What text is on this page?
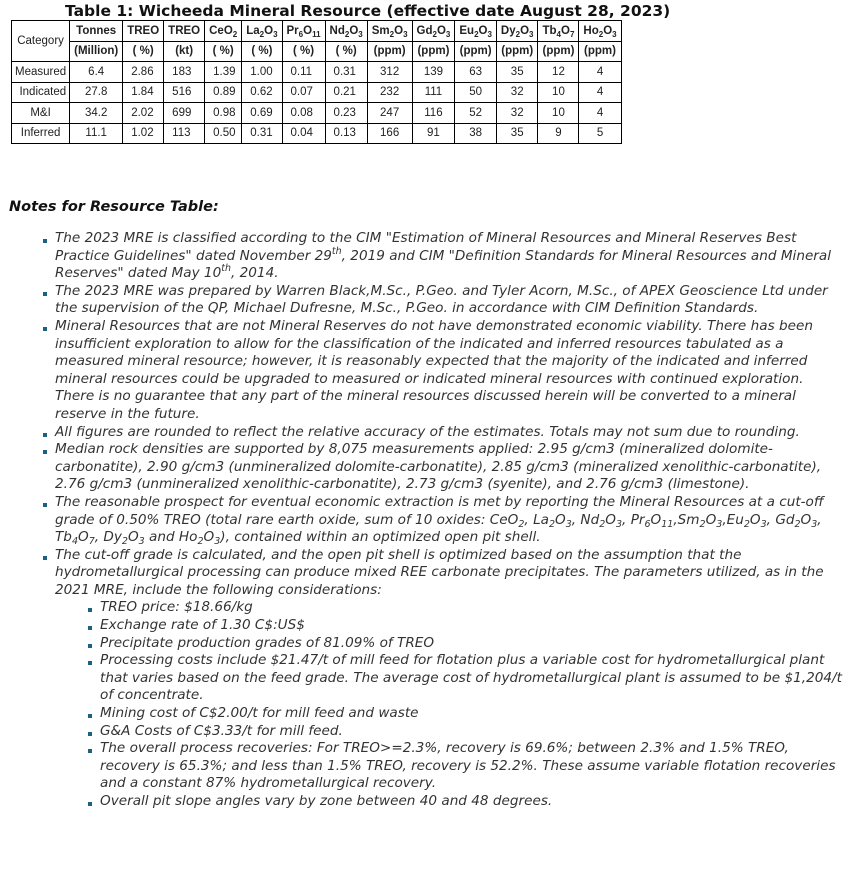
Table 1: Wicheeda Mineral Resource (effective date August 28, 2023)
Category	Tonnes	TREO	TREO	CeO$_2$	$La_2O_3$	$Pr_6O_{11}$	$Nd_2O_3$	$Sm_2O_3$	$Gd_2O_3$	$Eu_2O_3$	$Dy_2O_3$	$Tb_4O_7$	$Ho_2O_3$
	(Million)	( %)	(kt)	( %)	( %)	( %)	( %)	(ppm)	(ppm)	(ppm)	(ppm)	(ppm)	(ppm)
Measured	6.4	2.86	183	1.39	1.00	0.11	0.31	312	139	63	35	12	4
Indicated	27.8	1.84	516	0.89	0.62	0.07	0.21	232	111	50	32	10	4
M&I	34.2	2.02	699	0.98	0.69	0.08	0.23	247	116	52	32	10	4
Inferred	11.1	1.02	113	0.50	0.31	0.04	0.13	166	91	38	35	9	5
Notes for Resource Table:
The 2023 MRE is classified according to the CIM "Estimation of Mineral Resources and Mineral Reserves Best Practice Guidelines" dated November 29th, 2019 and CIM "Definition Standards for Mineral Resources and Mineral Reserves" dated May 10th, 2014.
The 2023 MRE was prepared by Warren Black,M.Sc., P.Geo. and Tyler Acorn, M.Sc., of APEX Geoscience Ltd under the supervision of the QP, Michael Dufresne, M.Sc., P.Geo. in accordance with CIM Definition Standards.
Mineral Resources that are not Mineral Reserves do not have demonstrated economic viability. There has been insufficient exploration to allow for the classification of the indicated and inferred resources tabulated as a measured mineral resource; however, it is reasonably expected that the majority of the indicated and inferred mineral resources could be upgraded to measured or indicated mineral resources with continued exploration. There is no guarantee that any part of the mineral resources discussed herein will be converted to a mineral reserve in the future.
All figures are rounded to reflect the relative accuracy of the estimates. Totals may not sum due to rounding.
Median rock densities are supported by 8,075 measurements applied: 2.95 g/cm3 (mineralized dolomite-carbonatite), 2.90 g/cm3 (unmineralized dolomite-carbonatite), 2.85 g/cm3 (mineralized xenolithic-carbonatite), 2.76 g/cm3 (unmineralized xenolithic-carbonatite), 2.73 g/cm3 (syenite), and 2.76 g/cm3 (limestone).
The reasonable prospect for eventual economic extraction is met by reporting the Mineral Resources at a cut-off grade of 0.50% TREO (total rare earth oxide, sum of 10 oxides: CeO$_2$, $La_2O_3$, $Nd_2O_3$, $Pr_6O_{11},Sm_2O_3,Eu_2O_3$, $Gd_2O_3$, $Tb_4O_7$, $Dy_2O_3$ and $Ho_2O_3$), contained within an optimized open pit shell.
The cut-off grade is calculated, and the open pit shell is optimized based on the assumption that the hydrometallurgical processing can produce mixed REE carbonate precipitates. The parameters utilized, as in the 2021 MRE, include the following considerations:
TREO price: $18.66/kg
Exchange rate of 1.30 C$:US$
Precipitate production grades of 81.09% of TREO
Processing costs include $21.47/t of mill feed for flotation plus a variable cost for hydrometallurgical plant that varies based on the feed grade. The average cost of hydrometallurgical plant is assumed to be $1,204/t of concentrate.
Mining cost of C$2.00/t for mill feed and waste
G&A Costs of C$3.33/t for mill feed.
The overall process recoveries: For TREO>=2.3%, recovery is 69.6%; between 2.3% and 1.5% TREO, recovery is 65.3%; and less than 1.5% TREO, recovery is 52.2%. These assume variable flotation recoveries and a constant 87% hydrometallurgical recovery.
Overall pit slope angles vary by zone between 40 and 48 degrees.
